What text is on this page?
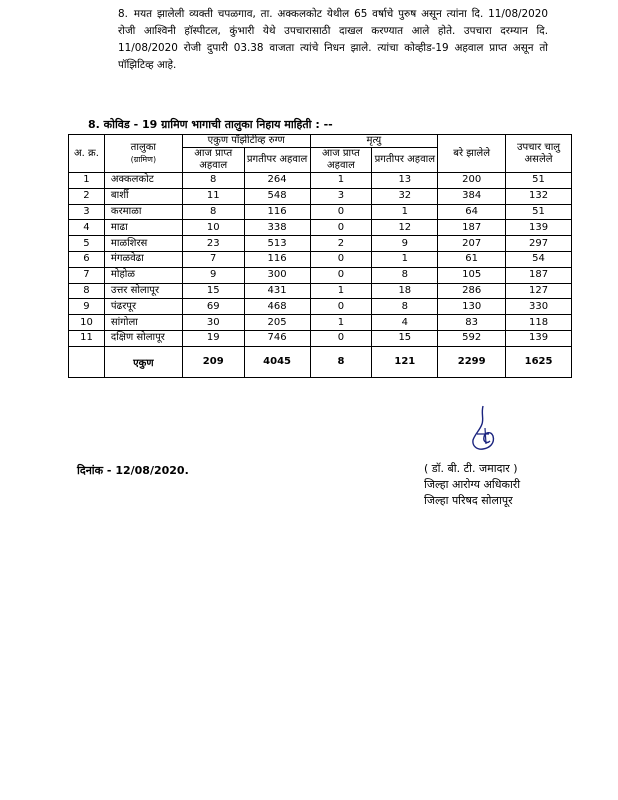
8. मयत झालेली व्यक्ती चपळगाव, ता. अक्कलकोट येथील 65 वर्षाचे पुरुष असून त्यांना दि. 11/08/2020 रोजी आश्विनी हॉस्पीटल, कुंभारी येथे उपचारासाठी दाखल करण्यात आले होते. उपचारा दरम्यान दि. 11/08/2020 रोजी दुपारी 03.38 वाजता त्यांचे निधन झाले. त्यांचा कोव्हीड-19 अहवाल प्राप्त असून तो पॉझिटिव्ह आहे.
8. कोविड - 19 ग्रामिण भागाची तालुका निहाय माहिती : --
अ. क्र.	तालुका
(ग्रामिण)	एकुण पॉझीटीव्ह रुग्ण		मृत्यु		बरे झालेले	उपचार चालु असलेले
		आज प्राप्त अहवाल	प्रगतीपर अहवाल	आज प्राप्त अहवाल	प्रगतीपर अहवाल		
1	अक्कलकोट	8	264	1	13	200	51
2	बार्शी	11	548	3	32	384	132
3	करमाळा	8	116	0	1	64	51
4	माढा	10	338	0	12	187	139
5	माळशिरस	23	513	2	9	207	297
6	मंगळवेढा	7	116	0	1	61	54
7	मोहोळ	9	300	0	8	105	187
8	उत्तर सोलापूर	15	431	1	18	286	127
9	पंढरपूर	69	468	0	8	130	330
10	सांगोला	30	205	1	4	83	118
11	दक्षिण सोलापूर	19	746	0	15	592	139
	एकुण	209	4045	8	121	2299	1625
दिनांक - 12/08/2020.	( डॉ. बी. टी. जमादार )
जिल्हा आरोग्य अधिकारी
जिल्हा परिषद सोलापूर
